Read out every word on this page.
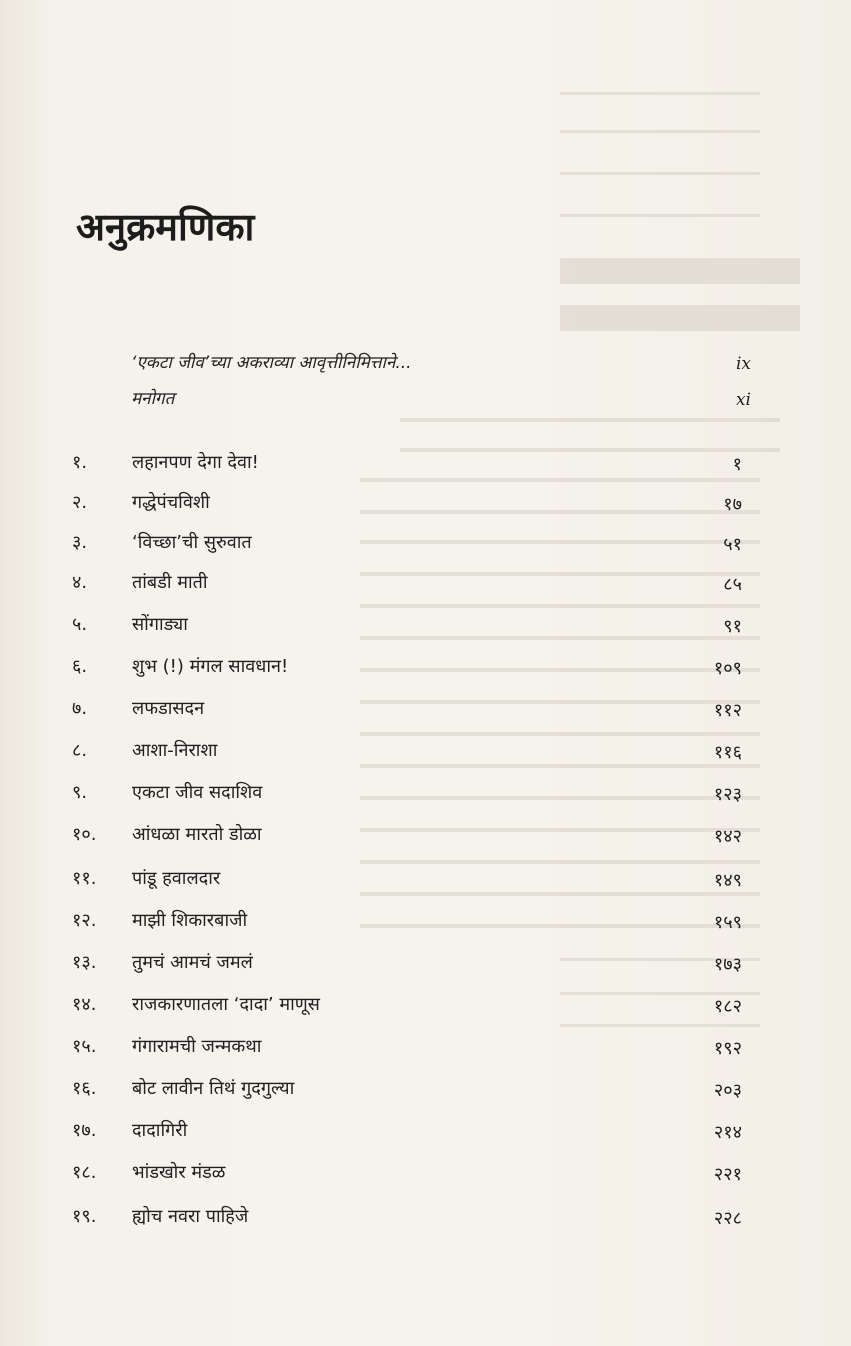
अनुक्रमणिका
‘एकटा जीव’च्या अकराव्या आवृत्तीनिमित्ताने...	ix
मनोगत	xi
१. लहानपण देगा देवा!	१
२. गद्धेपंचविशी	१७
३. ‘विच्छा’ची सुरुवात	५१
४. तांबडी माती	८५
५. सोंगाड्या	९१
६. शुभ (!) मंगल सावधान!	१०९
७. लफडासदन	११२
८. आशा-निराशा	११६
९. एकटा जीव सदाशिव	१२३
१०. आंधळा मारतो डोळा	१४२
११. पांडू हवालदार	१४९
१२. माझी शिकारबाजी	१५९
१३. तुमचं आमचं जमलं	१७३
१४. राजकारणातला ‘दादा’ माणूस	१८२
१५. गंगारामची जन्मकथा	१९२
१६. बोट लावीन तिथं गुदगुल्या	२०३
१७. दादागिरी	२१४
१८. भांडखोर मंडळ	२२१
१९. ह्योच नवरा पाहिजे	२२८
